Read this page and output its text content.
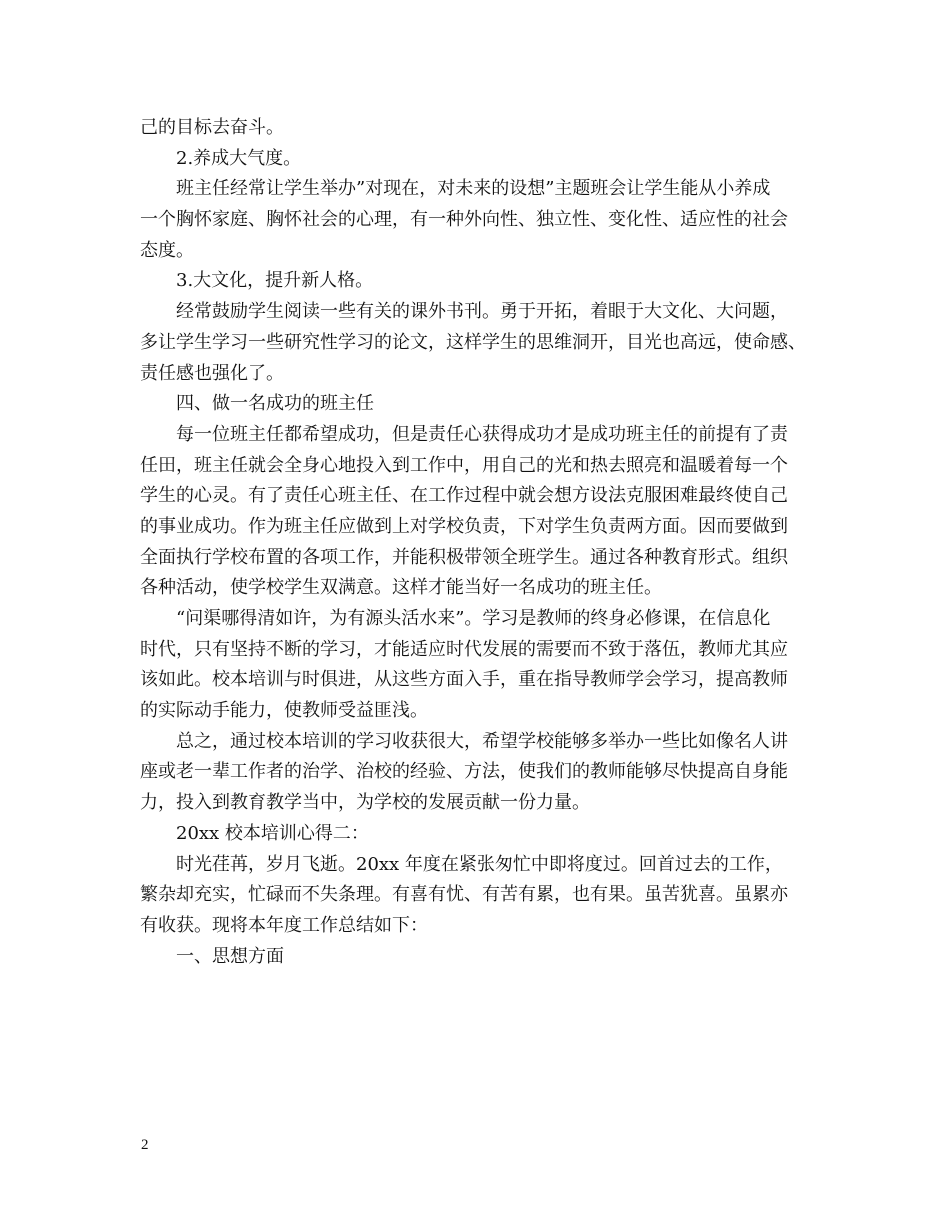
己的目标去奋斗。
2.养成大气度。
班主任经常让学生举办”对现在，对未来的设想”主题班会让学生能从小养成
一个胸怀家庭、胸怀社会的心理，有一种外向性、独立性、变化性、适应性的社会
态度。
3.大文化，提升新人格。
经常鼓励学生阅读一些有关的课外书刊。勇于开拓，着眼于大文化、大问题，
多让学生学习一些研究性学习的论文，这样学生的思维洞开，目光也高远，使命感、
责任感也强化了。
四、做一名成功的班主任
每一位班主任都希望成功，但是责任心获得成功才是成功班主任的前提有了责
任田，班主任就会全身心地投入到工作中，用自己的光和热去照亮和温暖着每一个
学生的心灵。有了责任心班主任、在工作过程中就会想方设法克服困难最终使自己
的事业成功。作为班主任应做到上对学校负责，下对学生负责两方面。因而要做到
全面执行学校布置的各项工作，并能积极带领全班学生。通过各种教育形式。组织
各种活动，使学校学生双满意。这样才能当好一名成功的班主任。
“问渠哪得清如许，为有源头活水来”。学习是教师的终身必修课，在信息化
时代，只有坚持不断的学习，才能适应时代发展的需要而不致于落伍，教师尤其应
该如此。校本培训与时俱进，从这些方面入手，重在指导教师学会学习，提高教师
的实际动手能力，使教师受益匪浅。
总之，通过校本培训的学习收获很大，希望学校能够多举办一些比如像名人讲
座或老一辈工作者的治学、治校的经验、方法，使我们的教师能够尽快提高自身能
力，投入到教育教学当中，为学校的发展贡献一份力量。
20xx 校本培训心得二：
时光荏苒，岁月飞逝。20xx 年度在紧张匆忙中即将度过。回首过去的工作，
繁杂却充实，忙碌而不失条理。有喜有忧、有苦有累，也有果。虽苦犹喜。虽累亦
有收获。现将本年度工作总结如下：
一、思想方面
2
